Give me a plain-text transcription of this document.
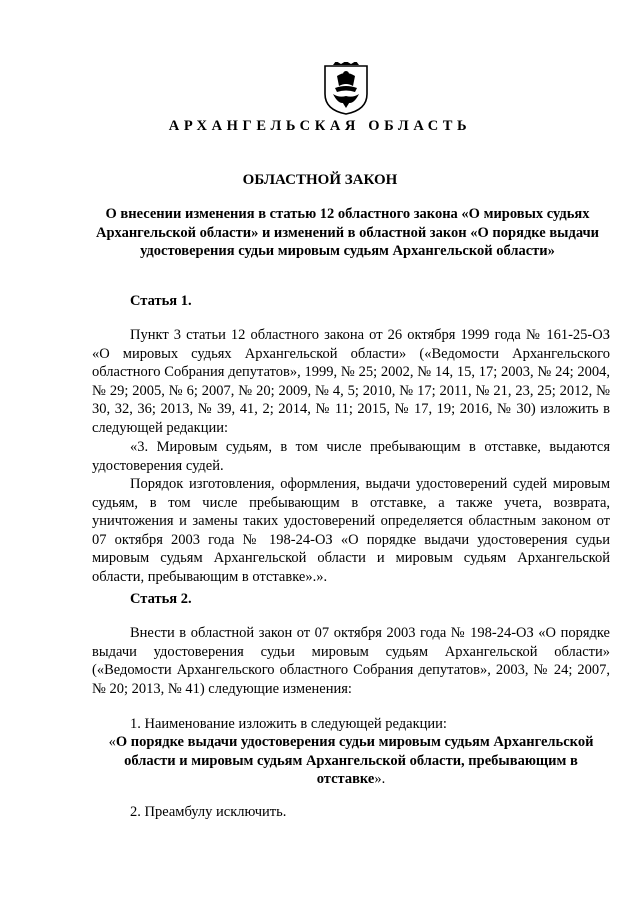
АРХАНГЕЛЬСКАЯ ОБЛАСТЬ
ОБЛАСТНОЙ ЗАКОН
О внесении изменения в статью 12 областного закона «О мировых судьях Архангельской области» и изменений в областной закон «О порядке выдачи удостоверения судьи мировым судьям Архангельской области»
Статья 1.

Пункт 3 статьи 12 областного закона от 26 октября 1999 года № 161-25-ОЗ «О мировых судьях Архангельской области» («Ведомости Архангельского областного Собрания депутатов», 1999, № 25; 2002, № 14, 15, 17; 2003, № 24; 2004, № 29; 2005, № 6; 2007, № 20; 2009, № 4, 5; 2010, № 17; 2011, № 21, 23, 25; 2012, № 30, 32, 36; 2013, № 39, 41, 2; 2014, № 11; 2015, № 17, 19; 2016, № 30) изложить в следующей редакции:

«3. Мировым судьям, в том числе пребывающим в отставке, выдаются удостоверения судей.

Порядок изготовления, оформления, выдачи удостоверений судей мировым судьям, в том числе пребывающим в отставке, а также учета, возврата, уничтожения и замены таких удостоверений определяется областным законом от 07 октября 2003 года № 198-24-ОЗ «О порядке выдачи удостоверения судьи мировым судьям Архангельской области и мировым судьям Архангельской области, пребывающим в отставке».».

Статья 2.

Внести в областной закон от 07 октября 2003 года № 198-24-ОЗ «О порядке выдачи удостоверения судьи мировым судьям Архангельской области» («Ведомости Архангельского областного Собрания депутатов», 2003, № 24; 2007, № 20; 2013, № 41) следующие изменения:

1. Наименование изложить в следующей редакции:

«О порядке выдачи удостоверения судьи мировым судьям Архангельской области и мировым судьям Архангельской области, пребывающим в отставке».

2. Преамбулу исключить.
